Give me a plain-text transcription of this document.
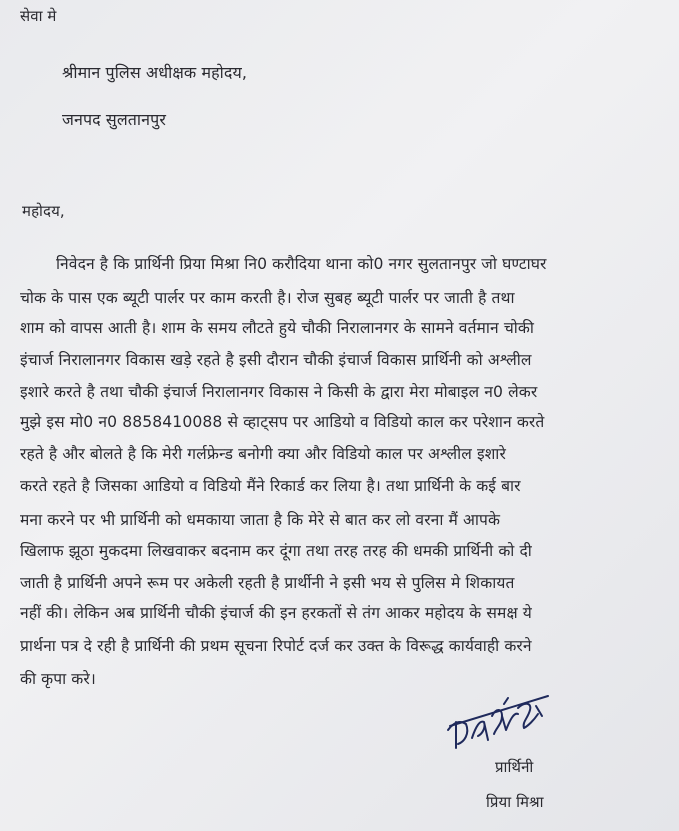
सेवा मे
श्रीमान पुलिस अधीक्षक महोदय,
जनपद सुलतानपुर
महोदय,
निवेदन है कि प्रार्थिनी प्रिया मिश्रा नि0 करौदिया थाना को0 नगर सुलतानपुर जो घण्टाघर
चोक के पास एक ब्यूटी पार्लर पर काम करती है। रोज सुबह ब्यूटी पार्लर पर जाती है तथा
शाम को वापस आती है। शाम के समय लौटते हुये चौकी निरालानगर के सामने वर्तमान चोकी
इंचार्ज निरालानगर विकास खड़े रहते है इसी दौरान चौकी इंचार्ज विकास प्रार्थिनी को अश्लील
इशारे करते है तथा चौकी इंचार्ज निरालानगर विकास ने किसी के द्वारा मेरा मोबाइल न0 लेकर
मुझे इस मो0 न0 8858410088 से व्हाट्सप पर आडियो व विडियो काल कर परेशान करते
रहते है और बोलते है कि मेरी गर्लफ्रेन्ड बनोगी क्या और विडियो काल पर अश्लील इशारे
करते रहते है जिसका आडियो व विडियो मैंने रिकार्ड कर लिया है। तथा प्रार्थिनी के कई बार
मना करने पर भी प्रार्थिनी को धमकाया जाता है कि मेरे से बात कर लो वरना मैं आपके
खिलाफ झूठा मुकदमा लिखवाकर बदनाम कर दूंगा तथा तरह तरह की धमकी प्रार्थिनी को दी
जाती है प्रार्थिनी अपने रूम पर अकेली रहती है प्रार्थीनी ने इसी भय से पुलिस मे शिकायत
नहीं की। लेकिन अब प्रार्थिनी चौकी इंचार्ज की इन हरकतों से तंग आकर महोदय के समक्ष ये
प्रार्थना पत्र दे रही है प्रार्थिनी की प्रथम सूचना रिपोर्ट दर्ज कर उक्त के विरूद्ध कार्यवाही करने
की कृपा करे।
प्रार्थिनी
प्रिया मिश्रा
